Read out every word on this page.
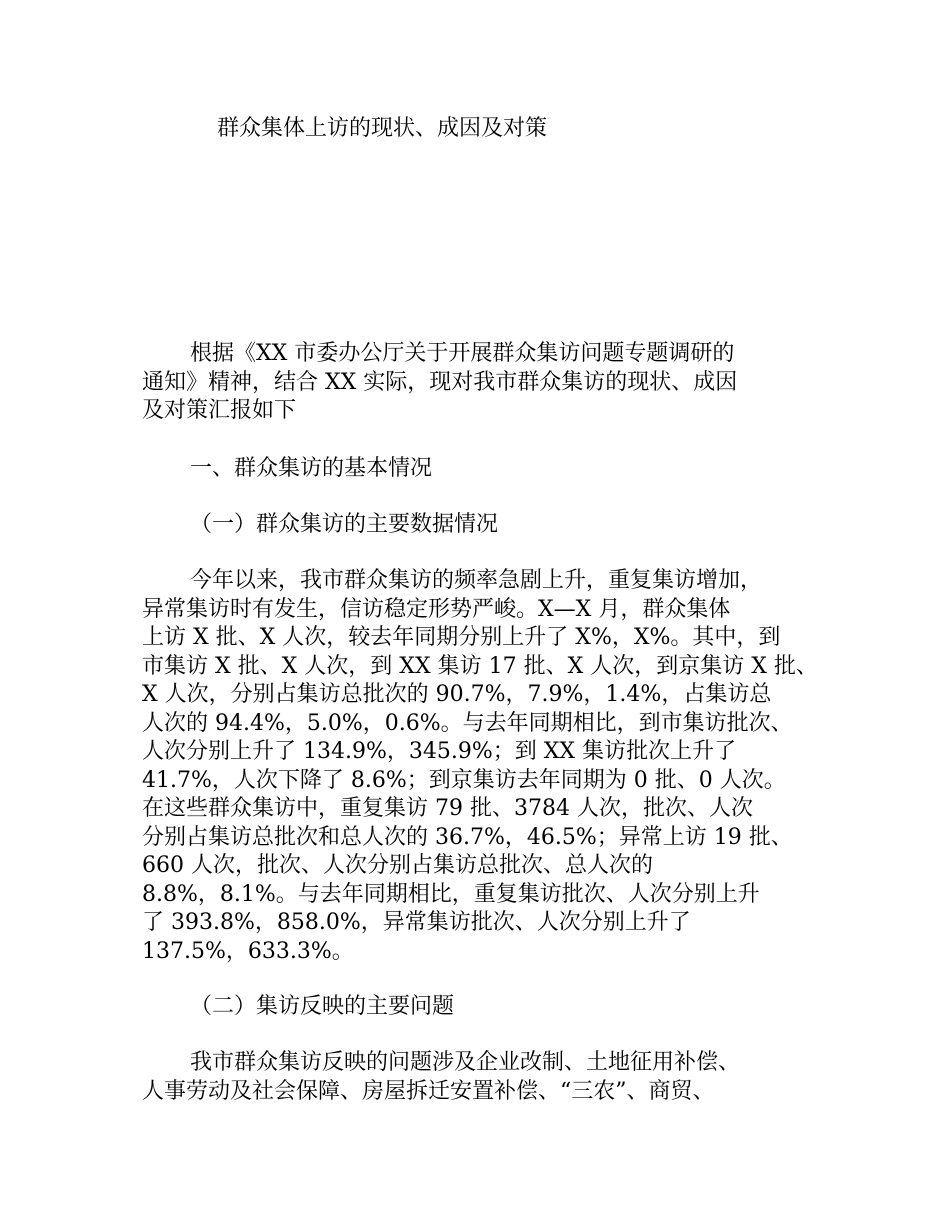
群众集体上访的现状、成因及对策

根据《XX 市委办公厅关于开展群众集访问题专题调研的
通知》精神，结合 XX 实际，现对我市群众集访的现状、成因
及对策汇报如下

一、群众集访的基本情况
（一）群众集访的主要数据情况

今年以来，我市群众集访的频率急剧上升，重复集访增加，
异常集访时有发生，信访稳定形势严峻。X—X 月，群众集体
上访 X 批、X 人次，较去年同期分别上升了 X%，X%。其中，到
市集访 X 批、X 人次，到 XX 集访 17 批、X 人次，到京集访 X 批、
X 人次，分别占集访总批次的 90.7%，7.9%，1.4%，占集访总
人次的 94.4%，5.0%，0.6%。与去年同期相比，到市集访批次、
人次分别上升了 134.9%，345.9%；到 XX 集访批次上升了
41.7%，人次下降了 8.6%；到京集访去年同期为 0 批、0 人次。
在这些群众集访中，重复集访 79 批、3784 人次，批次、人次
分别占集访总批次和总人次的 36.7%，46.5%；异常上访 19 批、
660 人次，批次、人次分别占集访总批次、总人次的
8.8%，8.1%。与去年同期相比，重复集访批次、人次分别上升
了 393.8%，858.0%，异常集访批次、人次分别上升了
137.5%，633.3%。

（二）集访反映的主要问题

我市群众集访反映的问题涉及企业改制、土地征用补偿、
人事劳动及社会保障、房屋拆迁安置补偿、“三农”、商贸、
